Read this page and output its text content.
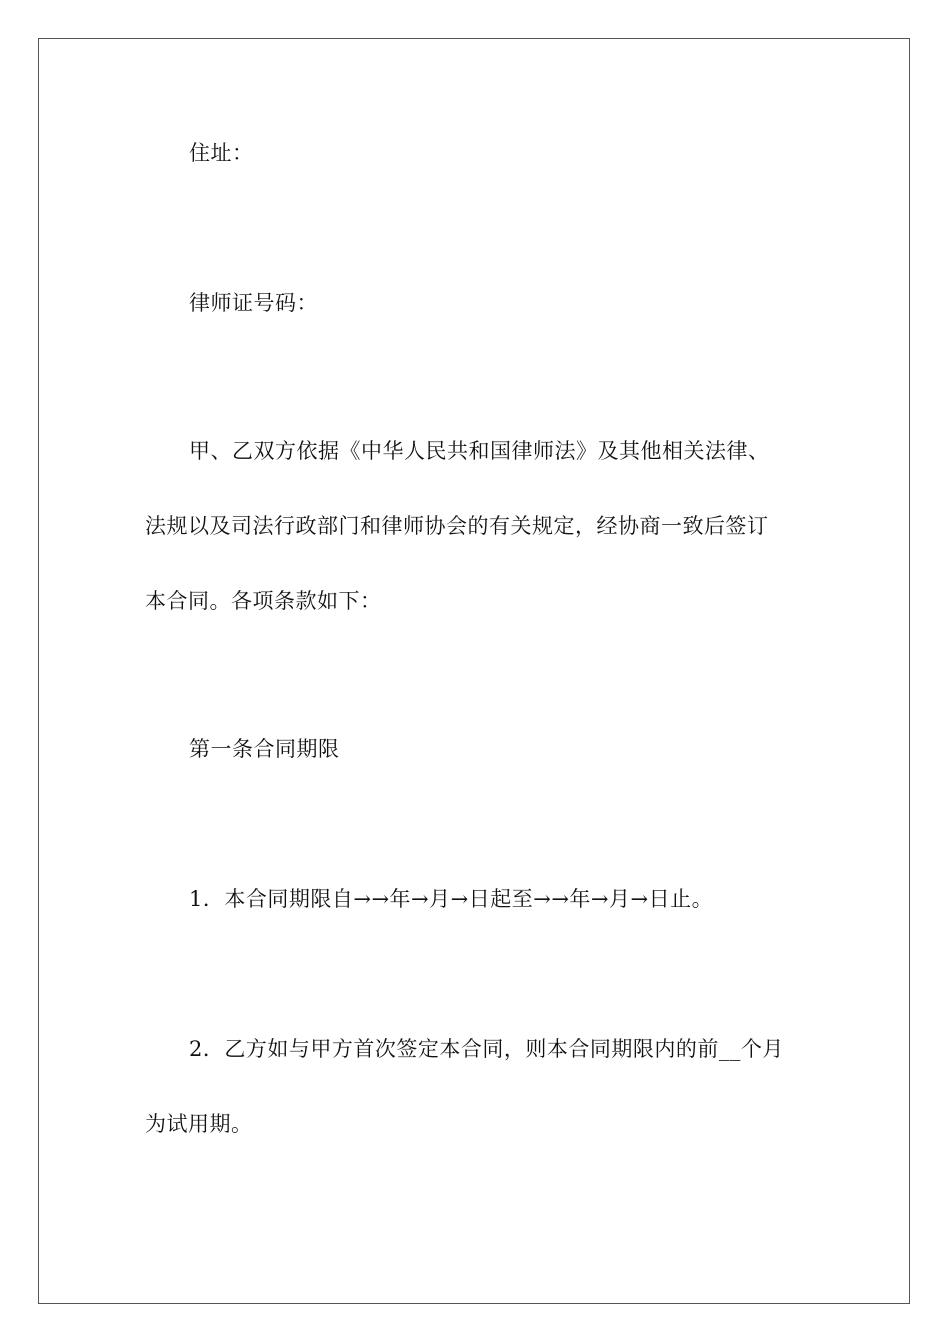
住址：
律师证号码：
甲、乙双方依据《中华人民共和国律师法》及其他相关法律、
法规以及司法行政部门和律师协会的有关规定，经协商一致后签订
本合同。各项条款如下：
第一条合同期限
1．本合同期限自→→年→月→日起至→→年→月→日止。
2．乙方如与甲方首次签定本合同，则本合同期限内的前__个月
为试用期。
